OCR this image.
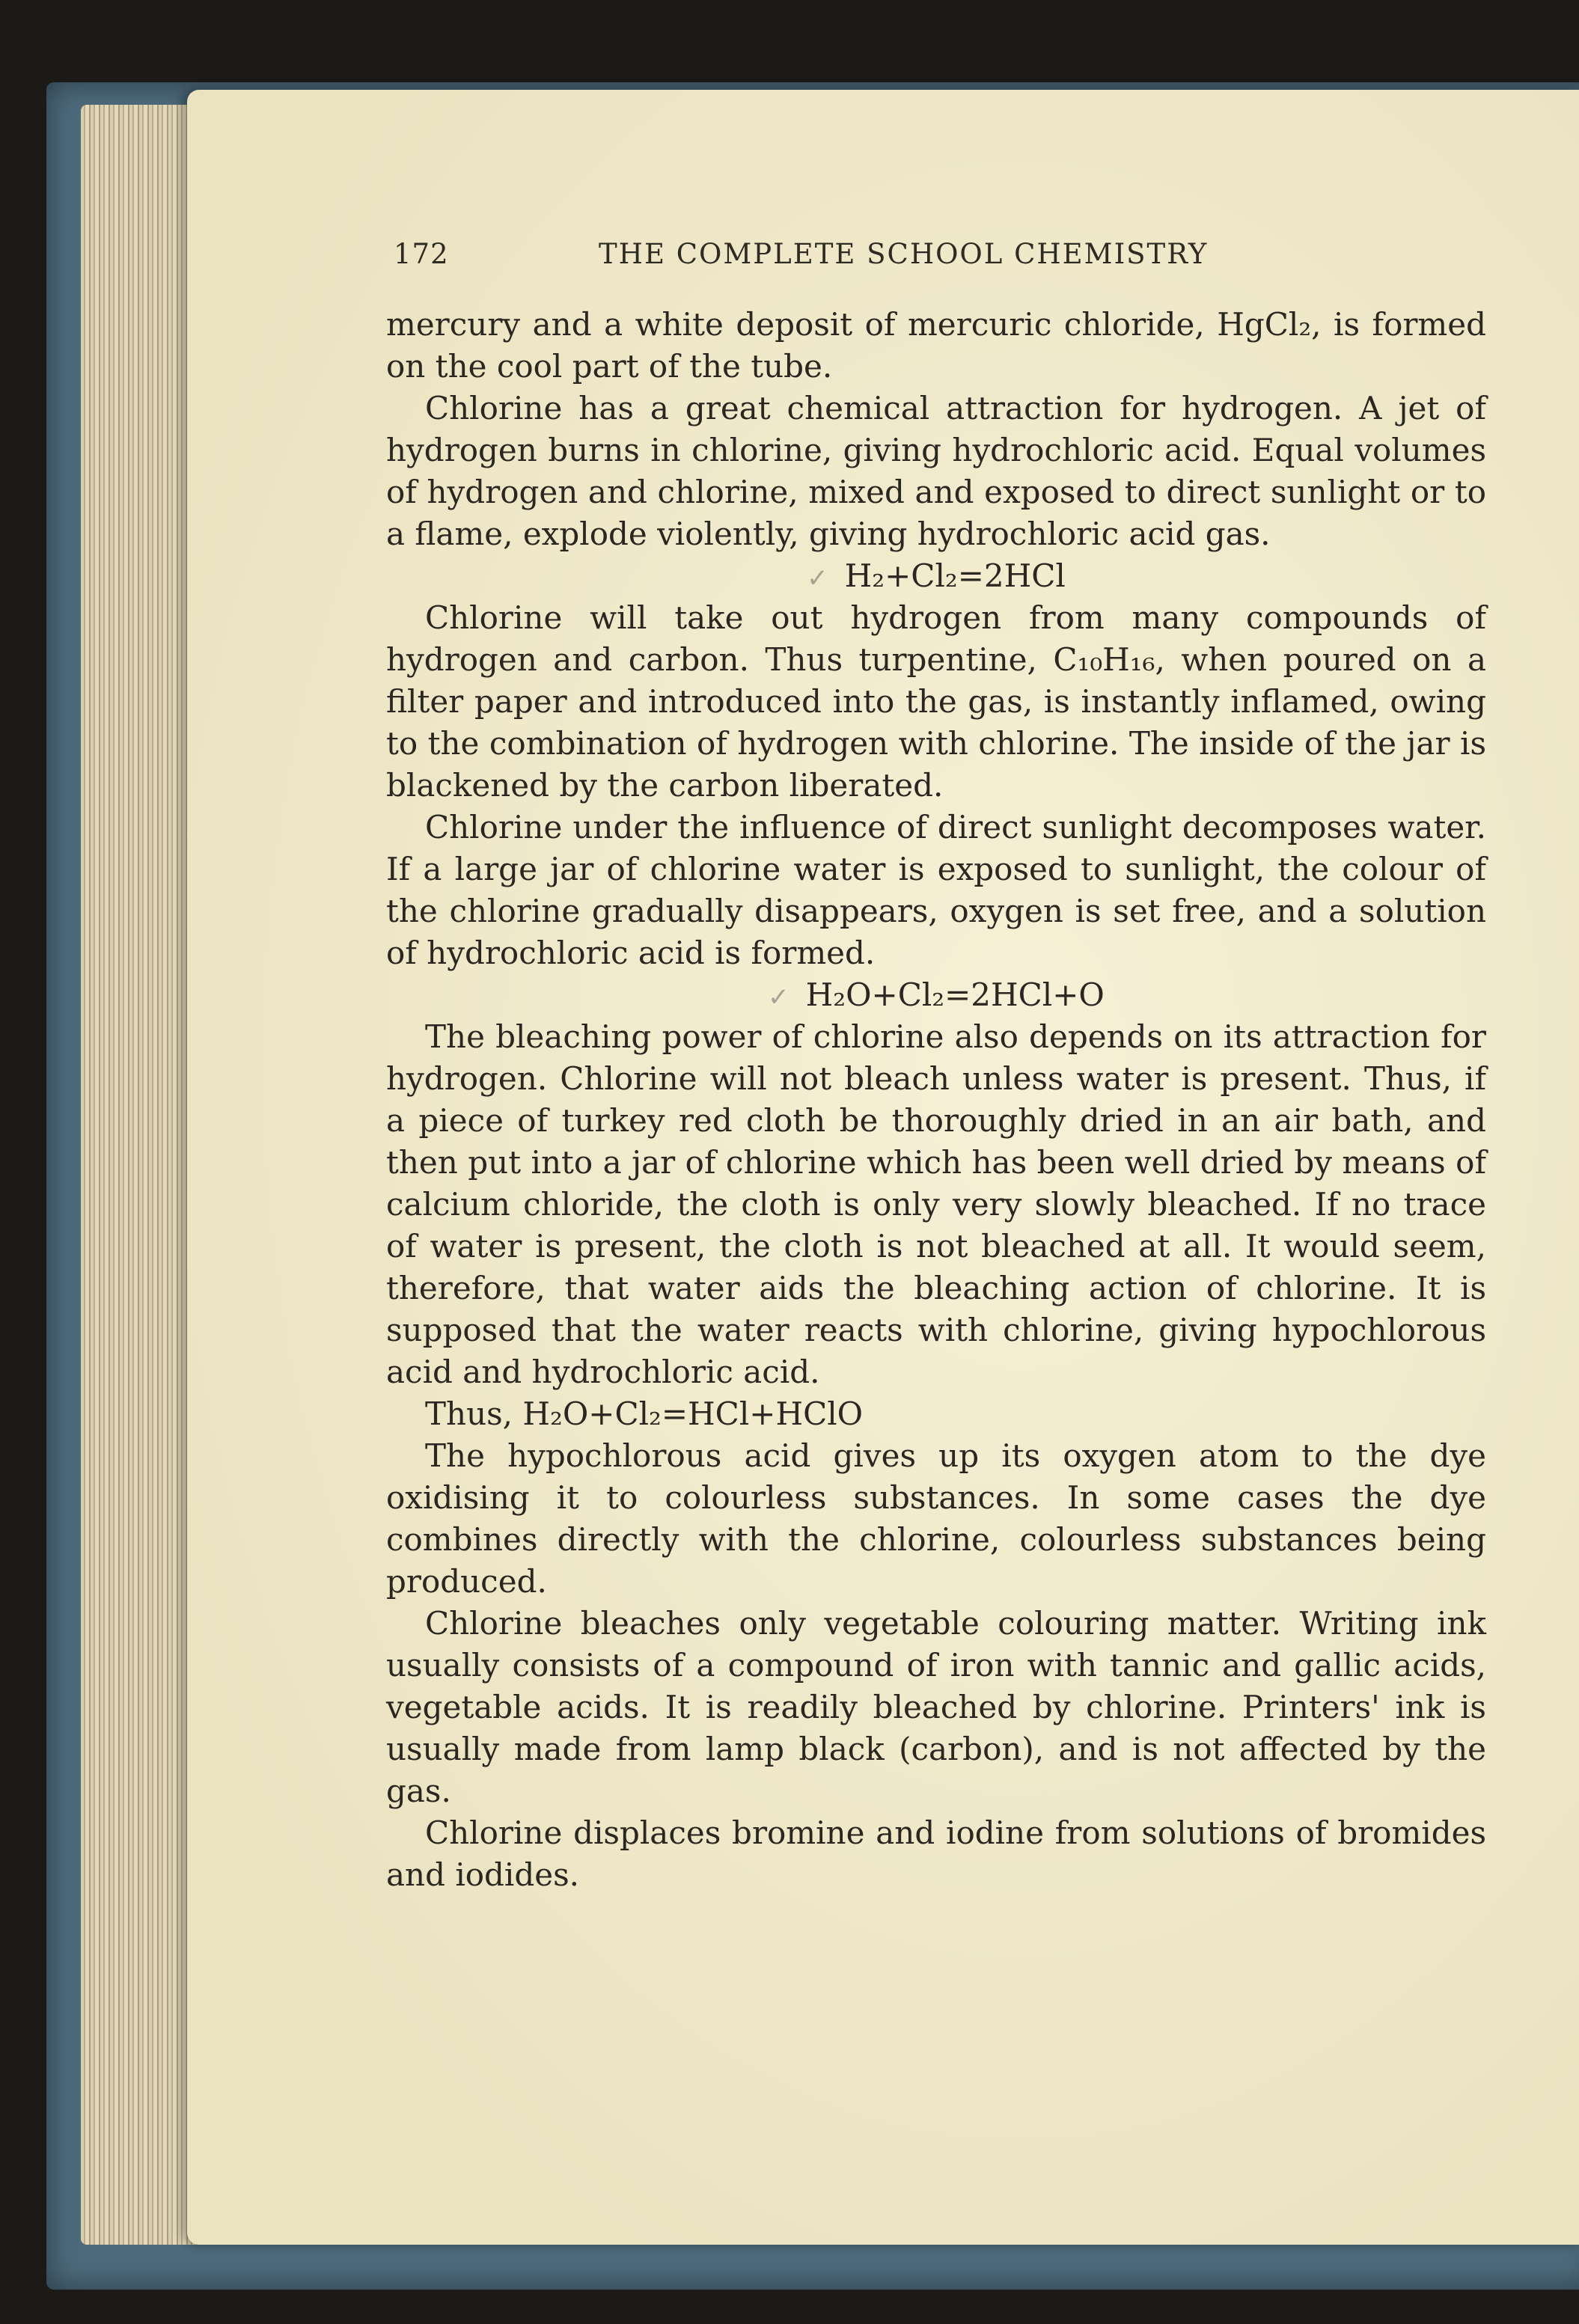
172	THE COMPLETE SCHOOL CHEMISTRY

mercury and a white deposit of mercuric chloride, HgCl₂, is formed on the cool part of the tube.

Chlorine has a great chemical attraction for hydrogen. A jet of hydrogen burns in chlorine, giving hydrochloric acid. Equal volumes of hydrogen and chlorine, mixed and exposed to direct sunlight or to a flame, explode violently, giving hydrochloric acid gas.

✓ H₂+Cl₂=2HCl

Chlorine will take out hydrogen from many compounds of hydrogen and carbon. Thus turpentine, C₁₀H₁₆, when poured on a filter paper and introduced into the gas, is instantly inflamed, owing to the combination of hydrogen with chlorine. The inside of the jar is blackened by the carbon liberated.

Chlorine under the influence of direct sunlight decomposes water. If a large jar of chlorine water is exposed to sunlight, the colour of the chlorine gradually disappears, oxygen is set free, and a solution of hydrochloric acid is formed.

✓ H₂O+Cl₂=2HCl+O

The bleaching power of chlorine also depends on its attraction for hydrogen. Chlorine will not bleach unless water is present. Thus, if a piece of turkey red cloth be thoroughly dried in an air bath, and then put into a jar of chlorine which has been well dried by means of calcium chloride, the cloth is only very slowly bleached. If no trace of water is present, the cloth is not bleached at all. It would seem, therefore, that water aids the bleaching action of chlorine. It is supposed that the water reacts with chlorine, giving hypochlorous acid and hydrochloric acid.

Thus, H₂O+Cl₂=HCl+HClO

The hypochlorous acid gives up its oxygen atom to the dye oxidising it to colourless substances. In some cases the dye combines directly with the chlorine, colourless substances being produced.

Chlorine bleaches only vegetable colouring matter. Writing ink usually consists of a compound of iron with tannic and gallic acids, vegetable acids. It is readily bleached by chlorine. Printers' ink is usually made from lamp black (carbon), and is not affected by the gas.

Chlorine displaces bromine and iodine from solutions of bromides and iodides.
